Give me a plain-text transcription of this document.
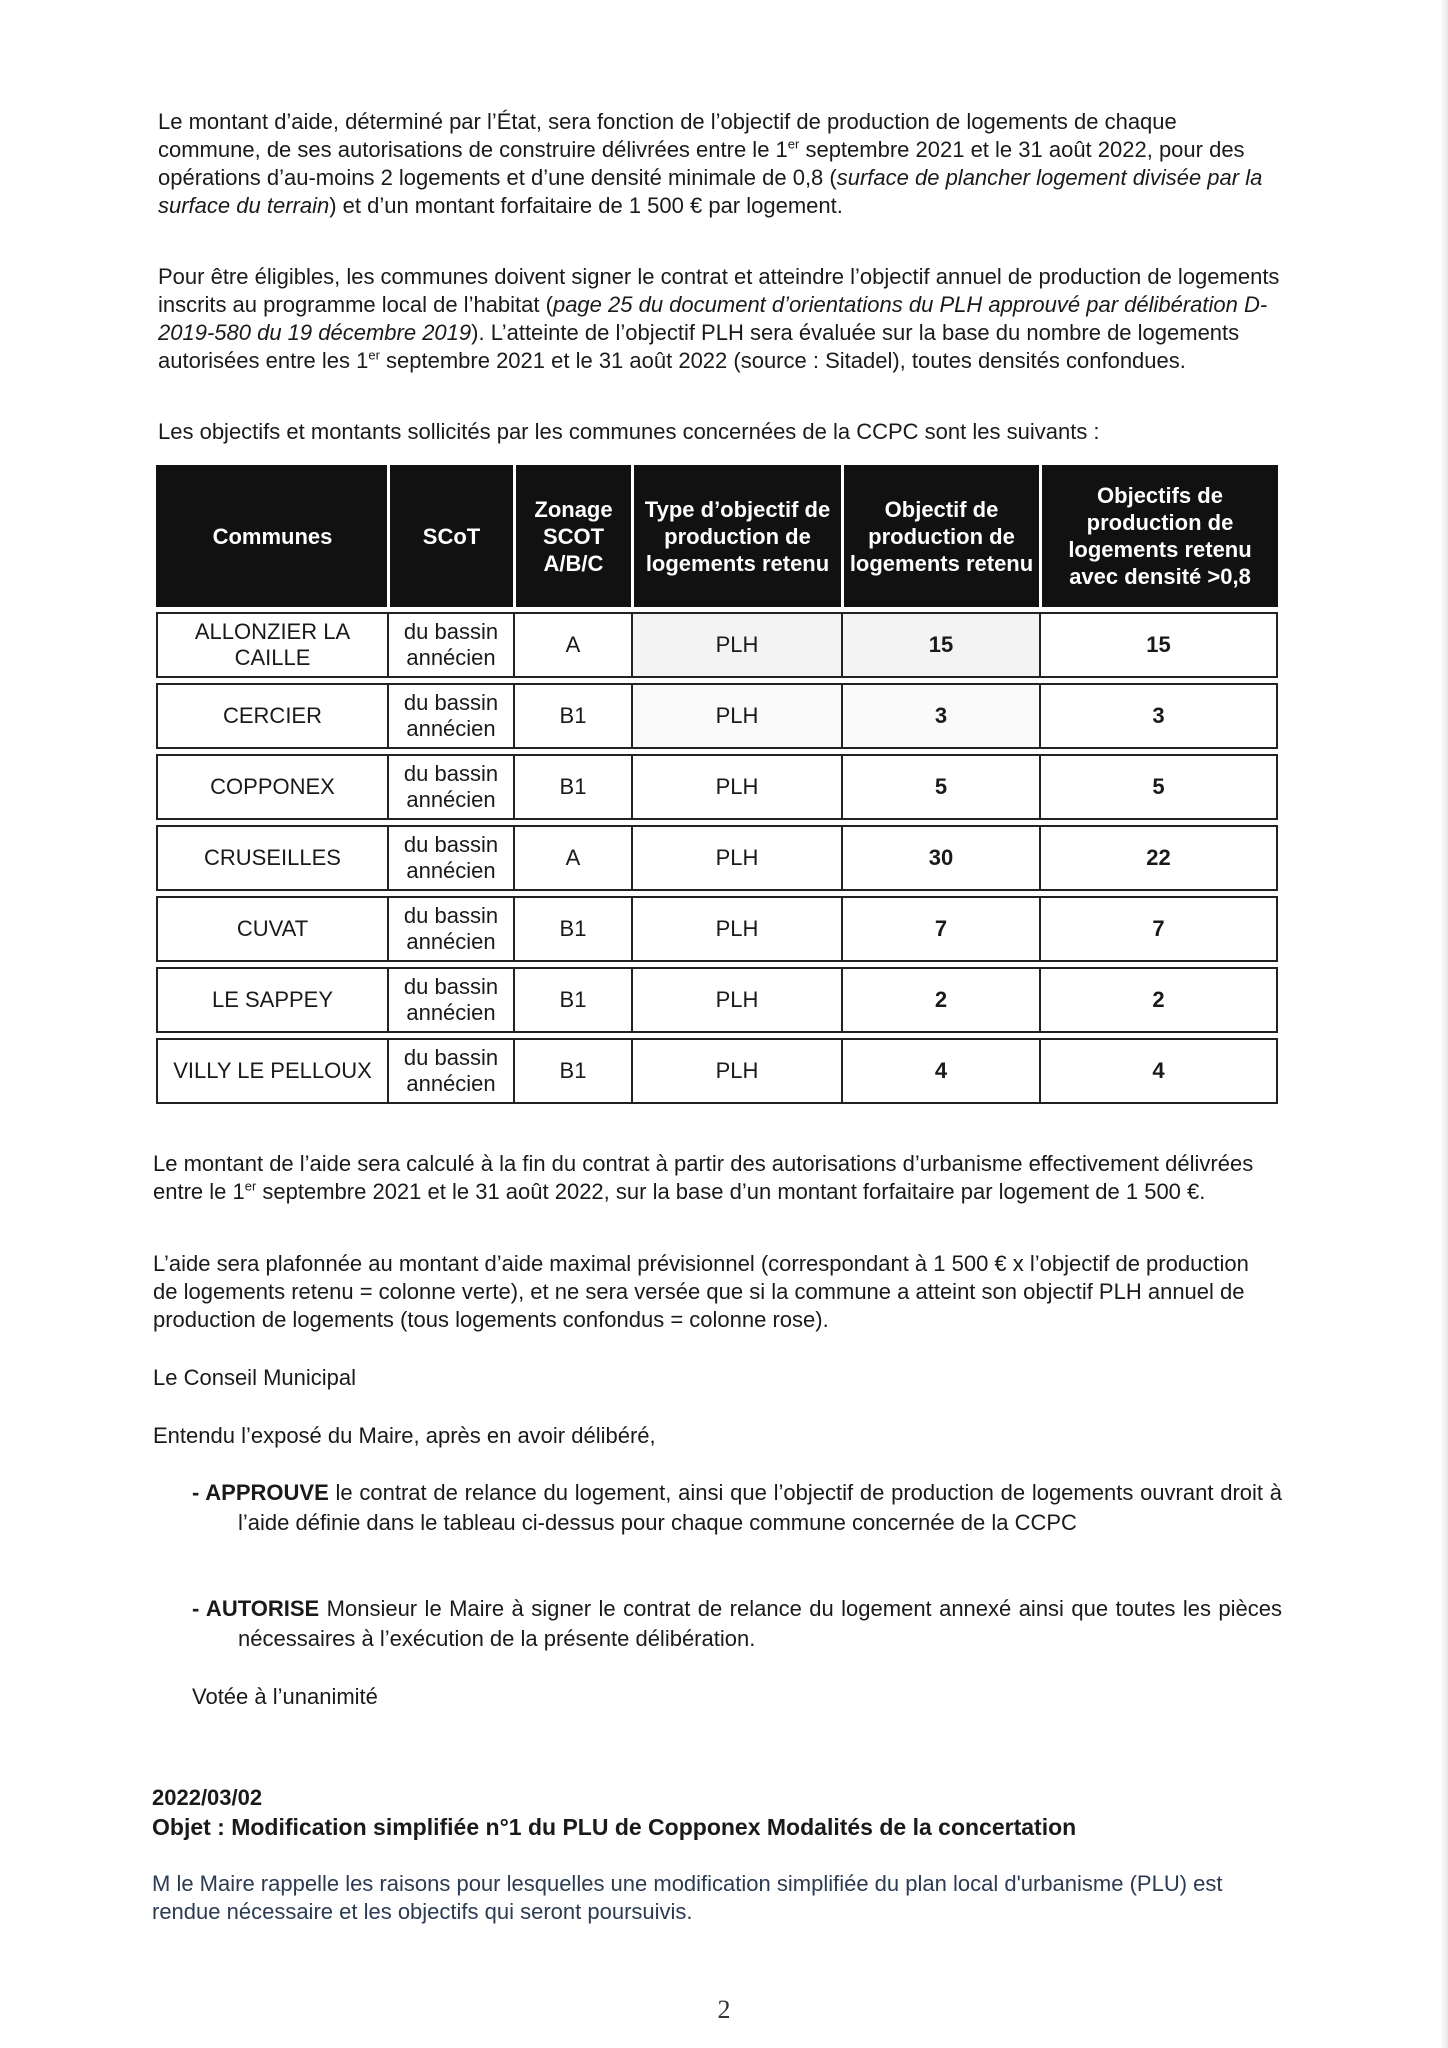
Le montant d’aide, déterminé par l’État, sera fonction de l’objectif de production de logements de chaque commune, de ses autorisations de construire délivrées entre le 1er septembre 2021 et le 31 août 2022, pour des opérations d’au-moins 2 logements et d’une densité minimale de 0,8 (surface de plancher logement divisée par la surface du terrain) et d’un montant forfaitaire de 1 500 € par logement.

Pour être éligibles, les communes doivent signer le contrat et atteindre l’objectif annuel de production de logements inscrits au programme local de l’habitat (page 25 du document d’orientations du PLH approuvé par délibération D-2019-580 du 19 décembre 2019). L’atteinte de l’objectif PLH sera évaluée sur la base du nombre de logements autorisées entre les 1er septembre 2021 et le 31 août 2022 (source : Sitadel), toutes densités confondues.

Les objectifs et montants sollicités par les communes concernées de la CCPC sont les suivants :

Communes	SCoT	Zonage SCOT A/B/C	Type d’objectif de production de logements retenu	Objectif de production de logements retenu	Objectifs de production de logements retenu avec densité >0,8
ALLONZIER LA CAILLE	du bassin annécien	A	PLH	15	15
CERCIER	du bassin annécien	B1	PLH	3	3
COPPONEX	du bassin annécien	B1	PLH	5	5
CRUSEILLES	du bassin annécien	A	PLH	30	22
CUVAT	du bassin annécien	B1	PLH	7	7
LE SAPPEY	du bassin annécien	B1	PLH	2	2
VILLY LE PELLOUX	du bassin annécien	B1	PLH	4	4

Le montant de l’aide sera calculé à la fin du contrat à partir des autorisations d’urbanisme effectivement délivrées entre le 1er septembre 2021 et le 31 août 2022, sur la base d’un montant forfaitaire par logement de 1 500 €.

L’aide sera plafonnée au montant d’aide maximal prévisionnel (correspondant à 1 500 € x l’objectif de production de logements retenu = colonne verte), et ne sera versée que si la commune a atteint son objectif PLH annuel de production de logements (tous logements confondus = colonne rose).

Le Conseil Municipal

Entendu l’exposé du Maire, après en avoir délibéré,

- APPROUVE le contrat de relance du logement, ainsi que l’objectif de production de logements ouvrant droit à l’aide définie dans le tableau ci-dessus pour chaque commune concernée de la CCPC

- AUTORISE Monsieur le Maire à signer le contrat de relance du logement annexé ainsi que toutes les pièces nécessaires à l’exécution de la présente délibération.

Votée à l’unanimité

2022/03/02

Objet : Modification simplifiée n°1 du PLU de Copponex Modalités de la concertation

M le Maire rappelle les raisons pour lesquelles une modification simplifiée du plan local d'urbanisme (PLU) est rendue nécessaire et les objectifs qui seront poursuivis.

2
